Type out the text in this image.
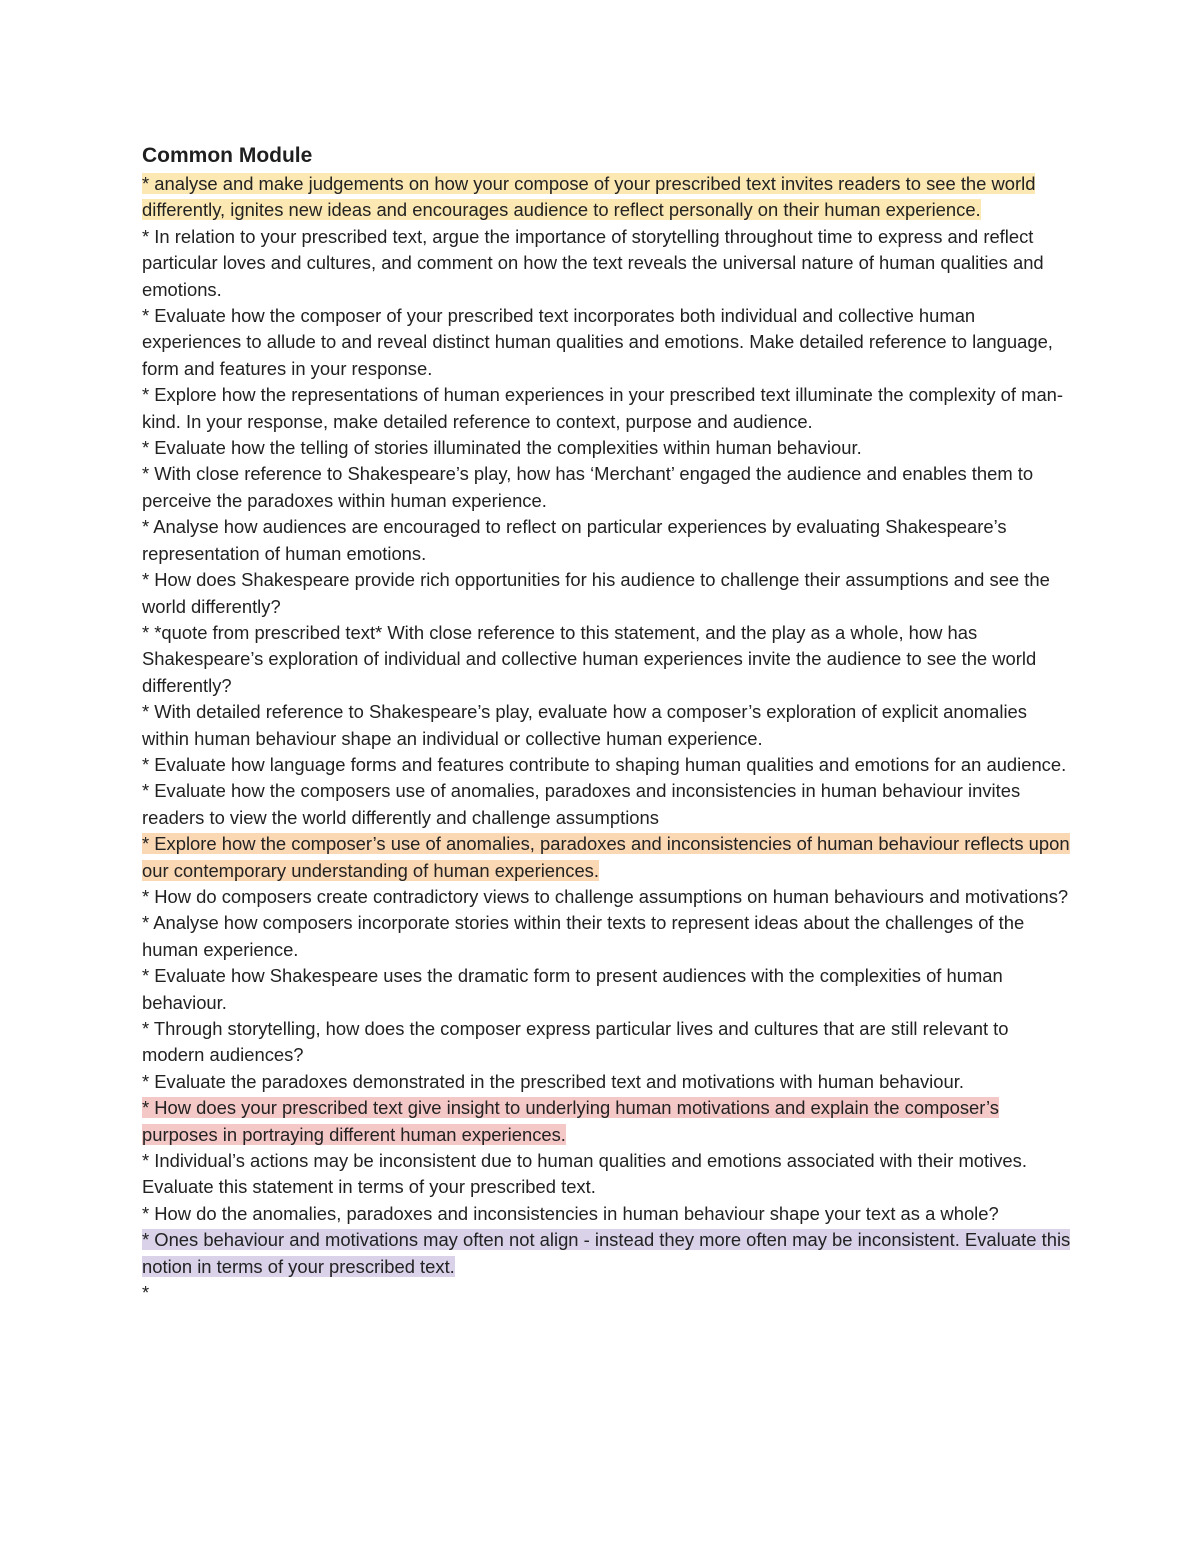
Common Module
* analyse and make judgements on how your compose of your prescribed text invites readers to see the world differently, ignites new ideas and encourages audience to reflect personally on their human experience.
* In relation to your prescribed text, argue the importance of storytelling throughout time to express and reflect particular loves and cultures, and comment on how the text reveals the universal nature of human qualities and emotions.
* Evaluate how the composer of your prescribed text incorporates both individual and collective human experiences to allude to and reveal distinct human qualities and emotions. Make detailed reference to language, form and features in your response.
* Explore how the representations of human experiences in your prescribed text illuminate the complexity of man-kind. In your response, make detailed reference to context, purpose and audience.
* Evaluate how the telling of stories illuminated the complexities within human behaviour.
* With close reference to Shakespeare’s play, how has ‘Merchant’ engaged the audience and enables them to perceive the paradoxes within human experience.
* Analyse how audiences are encouraged to reflect on particular experiences by evaluating Shakespeare’s representation of human emotions.
* How does Shakespeare provide rich opportunities for his audience to challenge their assumptions and see the world differently?
* *quote from prescribed text* With close reference to this statement, and the play as a whole, how has Shakespeare’s exploration of individual and collective human experiences invite the audience to see the world differently?
* With detailed reference to Shakespeare’s play, evaluate how a composer’s exploration of explicit anomalies within human behaviour shape an individual or collective human experience.
* Evaluate how language forms and features contribute to shaping human qualities and emotions for an audience.
* Evaluate how the composers use of anomalies, paradoxes and inconsistencies in human behaviour invites readers to view the world differently and challenge assumptions
* Explore how the composer’s use of anomalies, paradoxes and inconsistencies of human behaviour reflects upon our contemporary understanding of human experiences.
* How do composers create contradictory views to challenge assumptions on human behaviours and motivations?
* Analyse how composers incorporate stories within their texts to represent ideas about the challenges of the human experience.
* Evaluate how Shakespeare uses the dramatic form to present audiences with the complexities of human behaviour.
* Through storytelling, how does the composer express particular lives and cultures that are still relevant to modern audiences?
* Evaluate the paradoxes demonstrated in the prescribed text and motivations with human behaviour.
* How does your prescribed text give insight to underlying human motivations and explain the composer’s purposes in portraying different human experiences.
* Individual’s actions may be inconsistent due to human qualities and emotions associated with their motives. Evaluate this statement in terms of your prescribed text.
* How do the anomalies, paradoxes and inconsistencies in human behaviour shape your text as a whole?
* Ones behaviour and motivations may often not align - instead they more often may be inconsistent. Evaluate this notion in terms of your prescribed text.
*
